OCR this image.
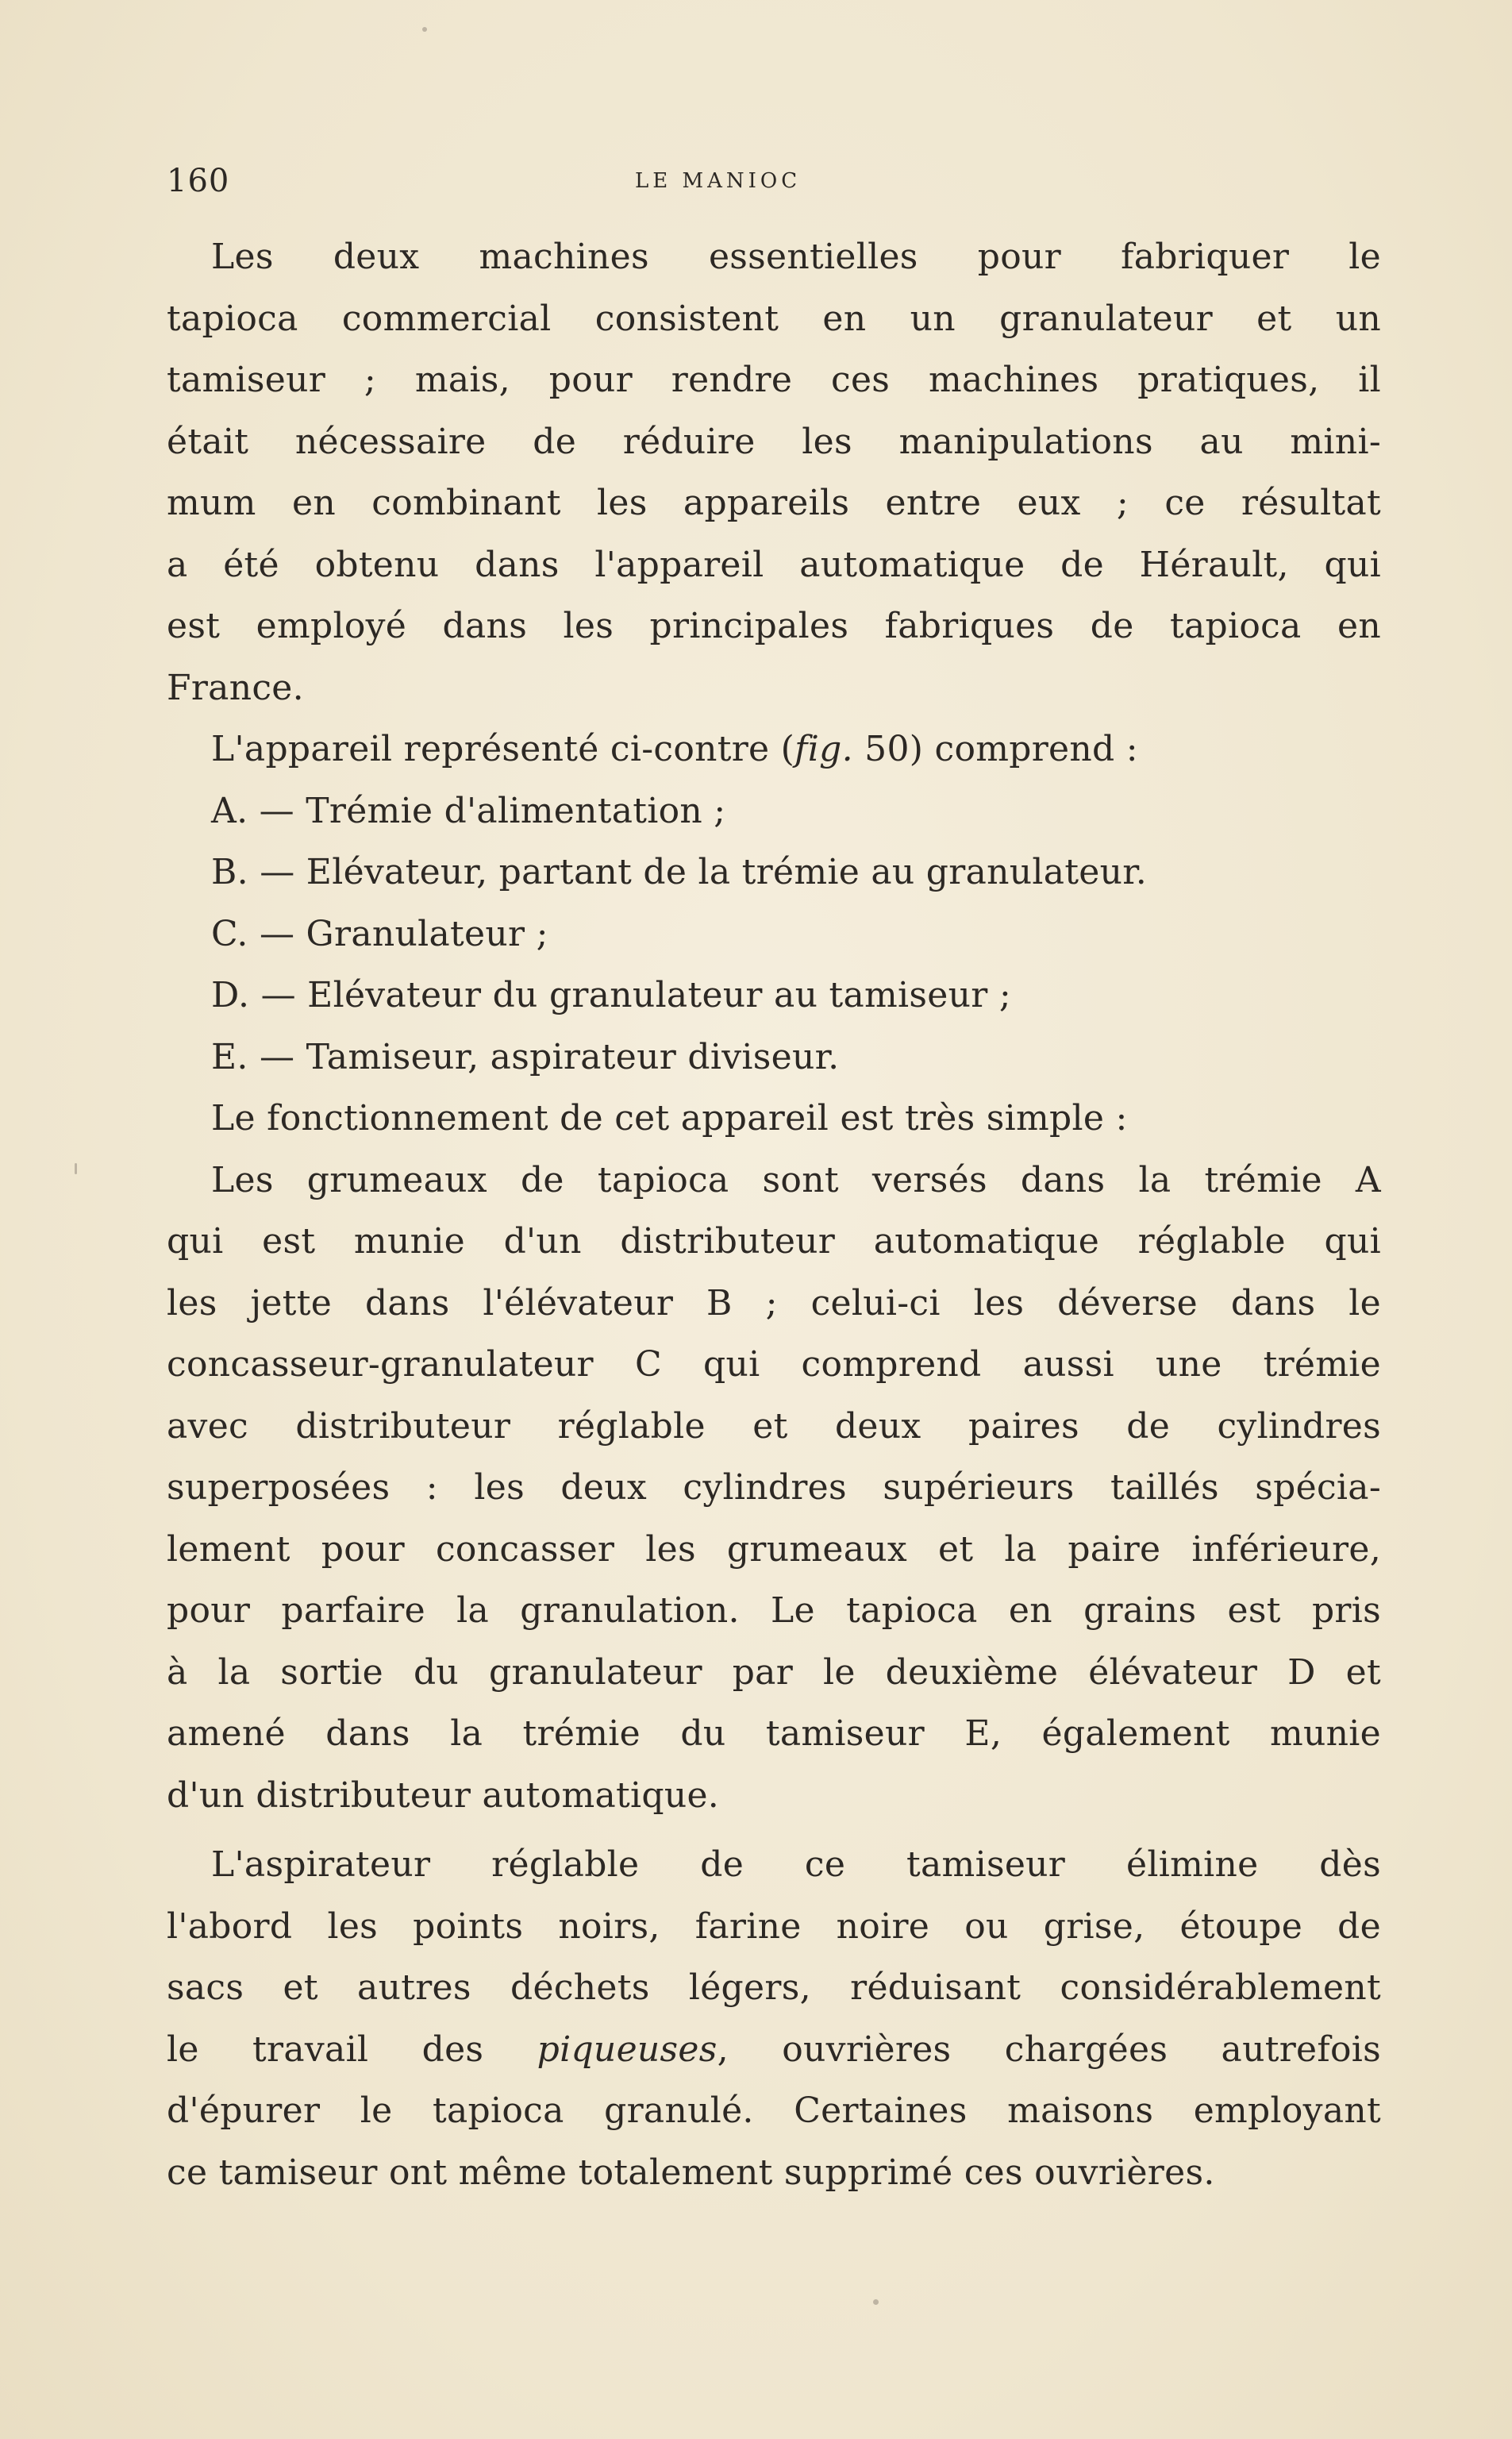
160	LE MANIOC
Les deux machines essentielles pour fabriquer le
tapioca commercial consistent en un granulateur et un
tamiseur ; mais, pour rendre ces machines pratiques, il
était nécessaire de réduire les manipulations au mini-
mum en combinant les appareils entre eux ; ce résultat
a été obtenu dans l'appareil automatique de Hérault, qui
est employé dans les principales fabriques de tapioca en
France.
L'appareil représenté ci-contre (fig. 50) comprend :
A. — Trémie d'alimentation ;
B. — Elévateur, partant de la trémie au granulateur.
C. — Granulateur ;
D. — Elévateur du granulateur au tamiseur ;
E. — Tamiseur, aspirateur diviseur.
Le fonctionnement de cet appareil est très simple :
Les grumeaux de tapioca sont versés dans la trémie A
qui est munie d'un distributeur automatique réglable qui
les jette dans l'élévateur B ; celui-ci les déverse dans le
concasseur-granulateur C qui comprend aussi une trémie
avec distributeur réglable et deux paires de cylindres
superposées : les deux cylindres supérieurs taillés spécia-
lement pour concasser les grumeaux et la paire inférieure,
pour parfaire la granulation. Le tapioca en grains est pris
à la sortie du granulateur par le deuxième élévateur D et
amené dans la trémie du tamiseur E, également munie
d'un distributeur automatique.
L'aspirateur réglable de ce tamiseur élimine dès
l'abord les points noirs, farine noire ou grise, étoupe de
sacs et autres déchets légers, réduisant considérablement
le travail des piqueuses, ouvrières chargées autrefois
d'épurer le tapioca granulé. Certaines maisons employant
ce tamiseur ont même totalement supprimé ces ouvrières.
